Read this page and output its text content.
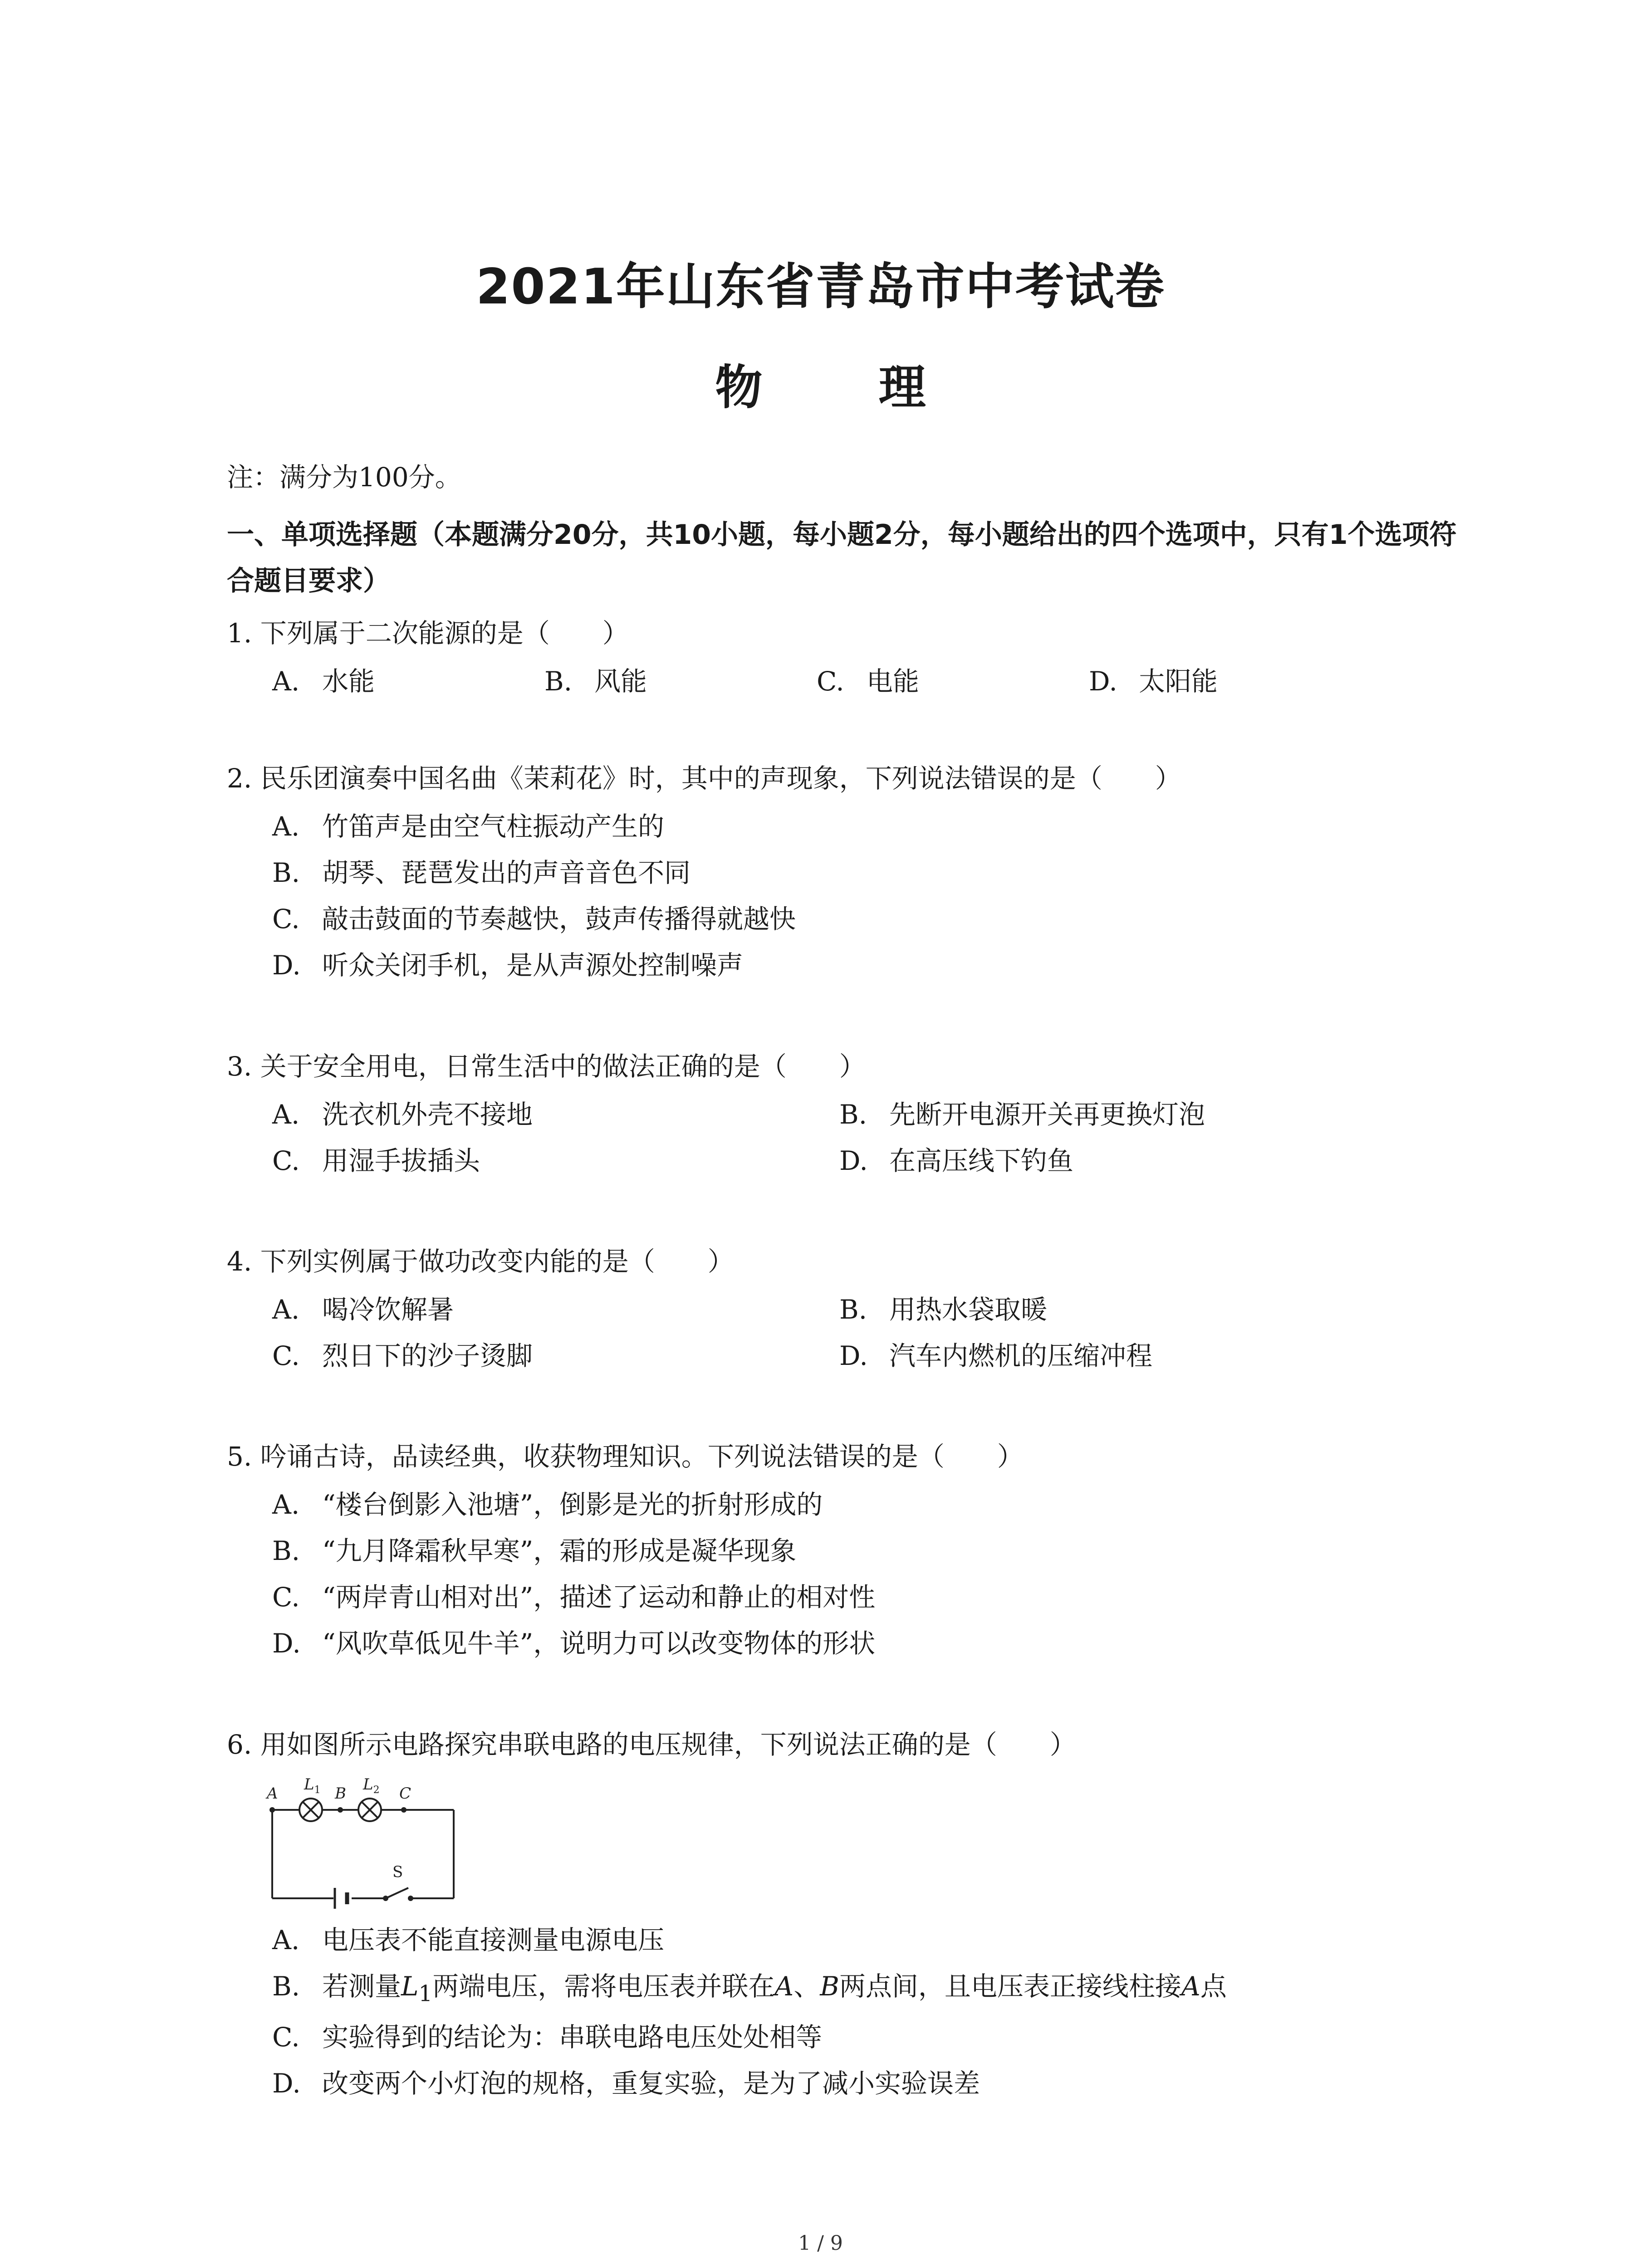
2021年山东省青岛市中考试卷
物 理
注：满分为100分。
一、单项选择题（本题满分20分，共10小题，每小题2分，每小题给出的四个选项中，只有1个选项符合题目要求）
1. 下列属于二次能源的是（　　）
A. 水能	B. 风能	C. 电能	D. 太阳能
2. 民乐团演奏中国名曲《茉莉花》时，其中的声现象，下列说法错误的是（　　）
A. 竹笛声是由空气柱振动产生的
B. 胡琴、琵琶发出的声音音色不同
C. 敲击鼓面的节奏越快，鼓声传播得就越快
D. 听众关闭手机，是从声源处控制噪声
3. 关于安全用电，日常生活中的做法正确的是（　　）
A. 洗衣机外壳不接地	B. 先断开电源开关再更换灯泡
C. 用湿手拔插头	D. 在高压线下钓鱼
4. 下列实例属于做功改变内能的是（　　）
A. 喝冷饮解暑	B. 用热水袋取暖
C. 烈日下的沙子烫脚	D. 汽车内燃机的压缩冲程
5. 吟诵古诗，品读经典，收获物理知识。下列说法错误的是（　　）
A. “楼台倒影入池塘”，倒影是光的折射形成的
B. “九月降霜秋早寒”，霜的形成是凝华现象
C. “两岸青山相对出”，描述了运动和静止的相对性
D. “风吹草低见牛羊”，说明力可以改变物体的形状
6. 用如图所示电路探究串联电路的电压规律，下列说法正确的是（　　）
A $L_1$ B $L_2$ C
S
A. 电压表不能直接测量电源电压
B. 若测量$L_1$两端电压，需将电压表并联在A、B两点间，且电压表正接线柱接A点
C. 实验得到的结论为：串联电路电压处处相等
D. 改变两个小灯泡的规格，重复实验，是为了减小实验误差
1 / 9
